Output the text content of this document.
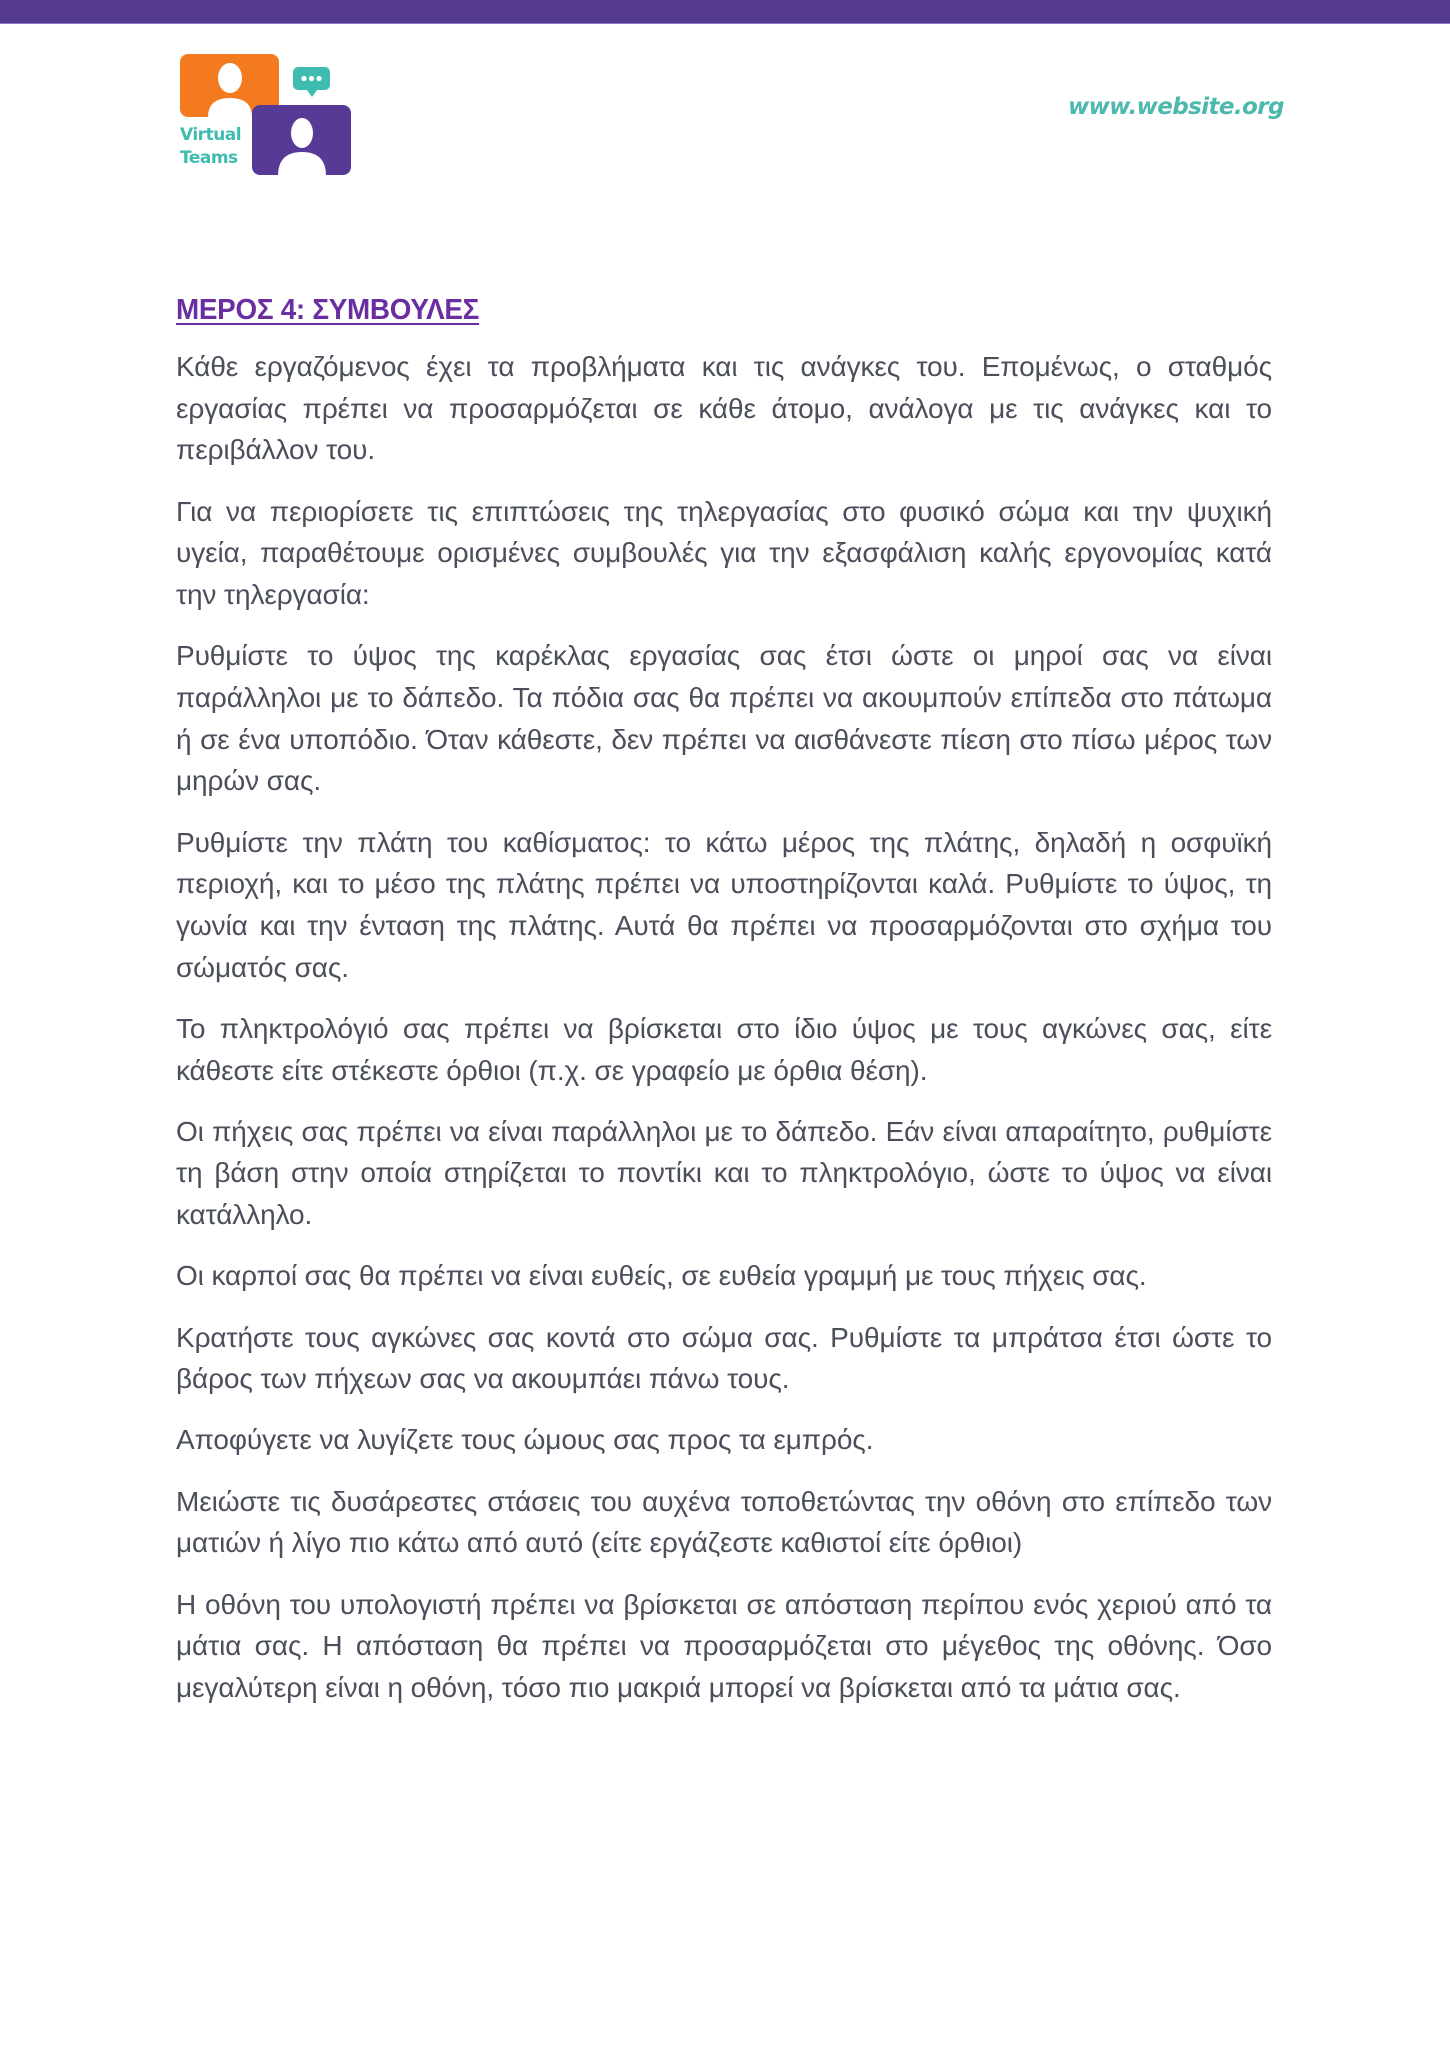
Virtual
Teams
www.website.org
ΜΕΡΟΣ 4: ΣΥΜΒΟΥΛΕΣ

Κάθε εργαζόμενος έχει τα προβλήματα και τις ανάγκες του. Επομένως, ο σταθμός εργασίας πρέπει να προσαρμόζεται σε κάθε άτομο, ανάλογα με τις ανάγκες και το περιβάλλον του.

Για να περιορίσετε τις επιπτώσεις της τηλεργασίας στο φυσικό σώμα και την ψυχική υγεία, παραθέτουμε ορισμένες συμβουλές για την εξασφάλιση καλής εργονομίας κατά την τηλεργασία:

Ρυθμίστε το ύψος της καρέκλας εργασίας σας έτσι ώστε οι μηροί σας να είναι παράλληλοι με το δάπεδο. Τα πόδια σας θα πρέπει να ακουμπούν επίπεδα στο πάτωμα ή σε ένα υποπόδιο. Όταν κάθεστε, δεν πρέπει να αισθάνεστε πίεση στο πίσω μέρος των μηρών σας.

Ρυθμίστε την πλάτη του καθίσματος: το κάτω μέρος της πλάτης, δηλαδή η οσφυϊκή περιοχή, και το μέσο της πλάτης πρέπει να υποστηρίζονται καλά. Ρυθμίστε το ύψος, τη γωνία και την ένταση της πλάτης. Αυτά θα πρέπει να προσαρμόζονται στο σχήμα του σώματός σας.

Το πληκτρολόγιό σας πρέπει να βρίσκεται στο ίδιο ύψος με τους αγκώνες σας, είτε κάθεστε είτε στέκεστε όρθιοι (π.χ. σε γραφείο με όρθια θέση).

Οι πήχεις σας πρέπει να είναι παράλληλοι με το δάπεδο. Εάν είναι απαραίτητο, ρυθμίστε τη βάση στην οποία στηρίζεται το ποντίκι και το πληκτρολόγιο, ώστε το ύψος να είναι κατάλληλο.

Οι καρποί σας θα πρέπει να είναι ευθείς, σε ευθεία γραμμή με τους πήχεις σας.

Κρατήστε τους αγκώνες σας κοντά στο σώμα σας. Ρυθμίστε τα μπράτσα έτσι ώστε το βάρος των πήχεων σας να ακουμπάει πάνω τους.

Αποφύγετε να λυγίζετε τους ώμους σας προς τα εμπρός.

Μειώστε τις δυσάρεστες στάσεις του αυχένα τοποθετώντας την οθόνη στο επίπεδο των ματιών ή λίγο πιο κάτω από αυτό (είτε εργάζεστε καθιστοί είτε όρθιοι)

Η οθόνη του υπολογιστή πρέπει να βρίσκεται σε απόσταση περίπου ενός χεριού από τα μάτια σας. Η απόσταση θα πρέπει να προσαρμόζεται στο μέγεθος της οθόνης. Όσο μεγαλύτερη είναι η οθόνη, τόσο πιο μακριά μπορεί να βρίσκεται από τα μάτια σας.
